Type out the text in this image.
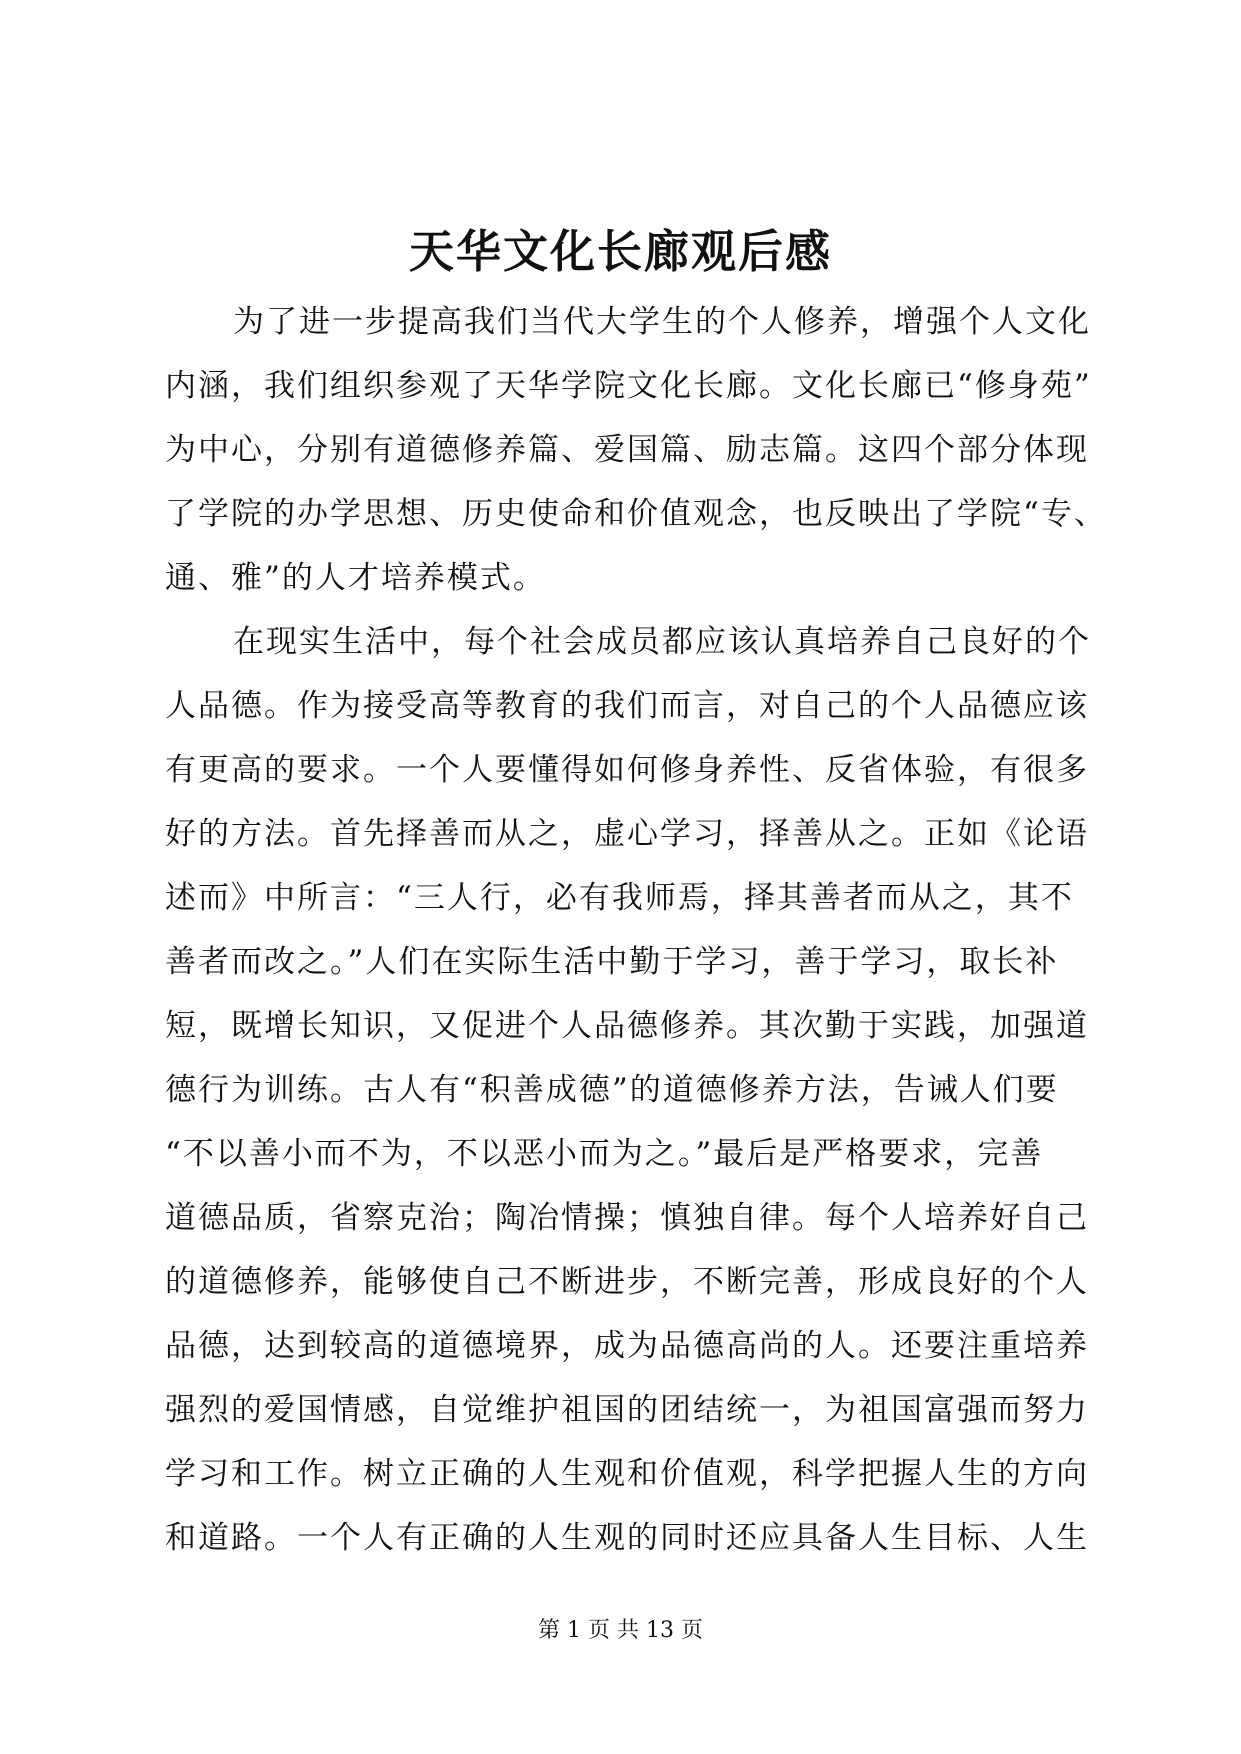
天华文化长廊观后感
为了进一步提高我们当代大学生的个人修养，增强个人文化
内涵，我们组织参观了天华学院文化长廊。文化长廊已“修身苑”
为中心，分别有道德修养篇、爱国篇、励志篇。这四个部分体现
了学院的办学思想、历史使命和价值观念，也反映出了学院“专、
通、雅”的人才培养模式。
在现实生活中，每个社会成员都应该认真培养自己良好的个
人品德。作为接受高等教育的我们而言，对自己的个人品德应该
有更高的要求。一个人要懂得如何修身养性、反省体验，有很多
好的方法。首先择善而从之，虚心学习，择善从之。正如《论语
述而》中所言：“三人行，必有我师焉，择其善者而从之，其不
善者而改之。”人们在实际生活中勤于学习，善于学习，取长补
短，既增长知识，又促进个人品德修养。其次勤于实践，加强道
德行为训练。古人有“积善成德”的道德修养方法，告诫人们要
“不以善小而不为，不以恶小而为之。”最后是严格要求，完善
道德品质，省察克治；陶冶情操；慎独自律。每个人培养好自己
的道德修养，能够使自己不断进步，不断完善，形成良好的个人
品德，达到较高的道德境界，成为品德高尚的人。还要注重培养
强烈的爱国情感，自觉维护祖国的团结统一，为祖国富强而努力
学习和工作。树立正确的人生观和价值观，科学把握人生的方向
和道路。一个人有正确的人生观的同时还应具备人生目标、人生
第 1 页 共 13 页
